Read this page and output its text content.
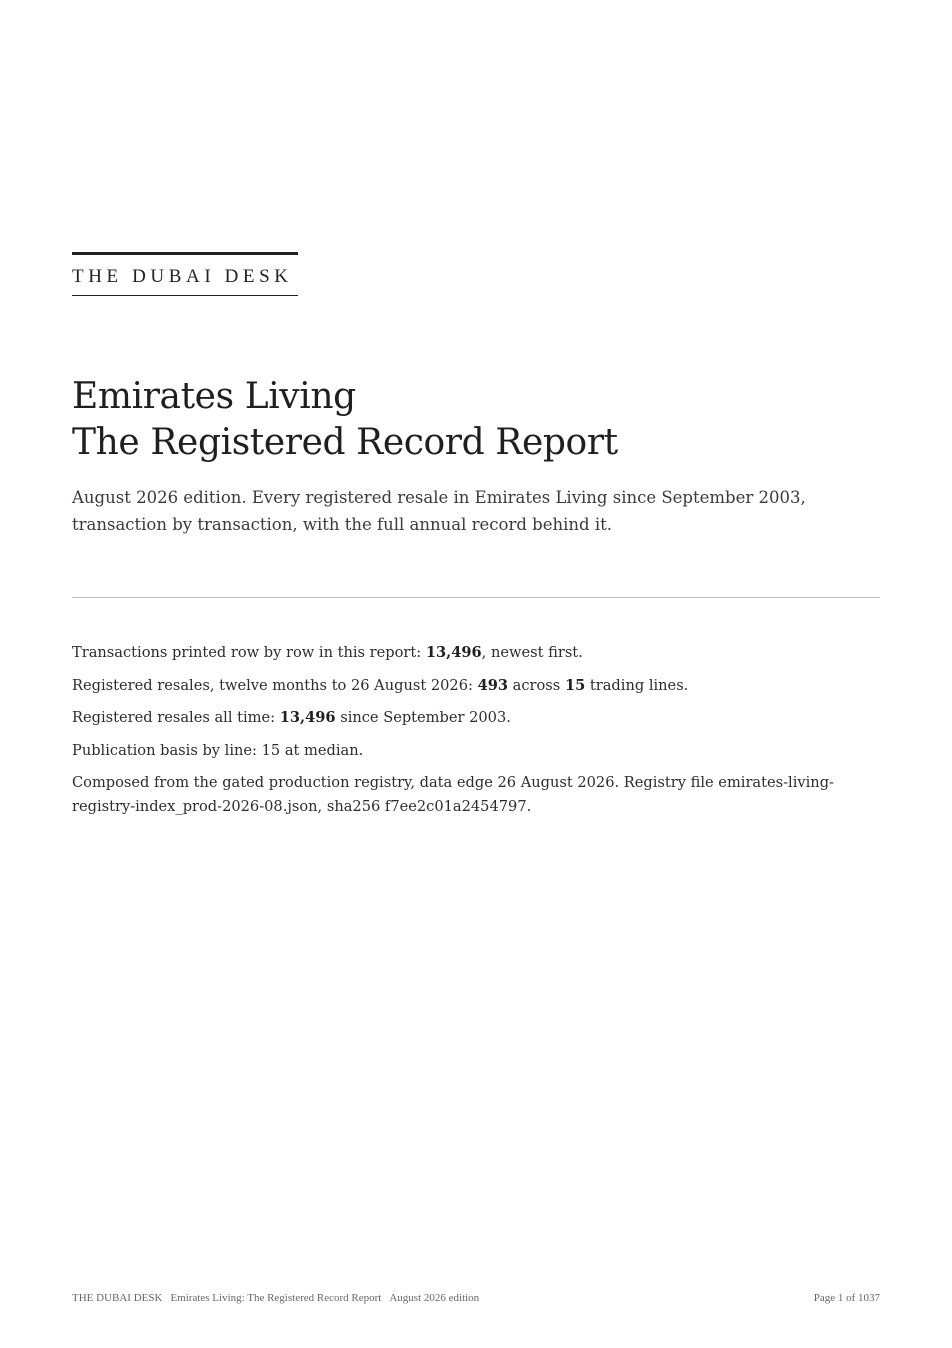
THE DUBAI DESK
Emirates Living
The Registered Record Report

August 2026 edition. Every registered resale in Emirates Living since September 2003, transaction by transaction, with the full annual record behind it.

Transactions printed row by row in this report: 13,496, newest first.

Registered resales, twelve months to 26 August 2026: 493 across 15 trading lines.

Registered resales all time: 13,496 since September 2003.

Publication basis by line: 15 at median.

Composed from the gated production registry, data edge 26 August 2026. Registry file emirates-living-registry-index_prod-2026-08.json, sha256 f7ee2c01a2454797.

THE DUBAI DESK Emirates Living: The Registered Record Report August 2026 edition	Page 1 of 1037
